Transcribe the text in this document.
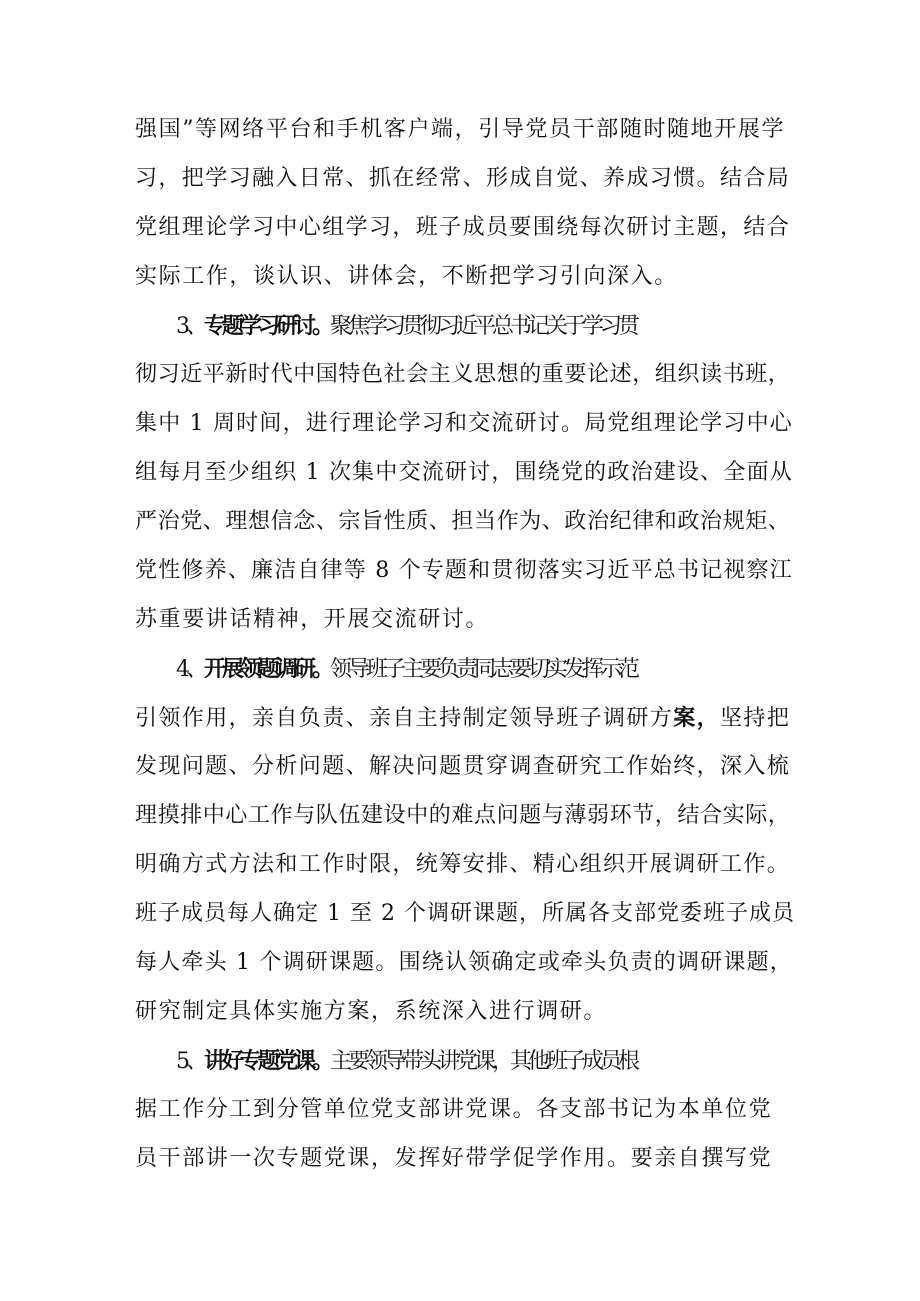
强国”等网络平台和手机客户端，引导党员干部随时随地开展学
习，把学习融入日常、抓在经常、形成自觉、养成习惯。结合局
党组理论学习中心组学习，班子成员要围绕每次研讨主题，结合
实际工作，谈认识、讲体会，不断把学习引向深入。
3、专题学习研讨。聚焦学习贯彻习近平总书记关于学习贯
彻习近平新时代中国特色社会主义思想的重要论述，组织读书班，
集中 1 周时间，进行理论学习和交流研讨。局党组理论学习中心
组每月至少组织 1 次集中交流研讨，围绕党的政治建设、全面从
严治党、理想信念、宗旨性质、担当作为、政治纪律和政治规矩、
党性修养、廉洁自律等 8 个专题和贯彻落实习近平总书记视察江
苏重要讲话精神，开展交流研讨。
4、开展领题调研。领导班子主要负责同志要切实发挥示范
引领作用，亲自负责、亲自主持制定领导班子调研方案，坚持把
发现问题、分析问题、解决问题贯穿调查研究工作始终，深入梳
理摸排中心工作与队伍建设中的难点问题与薄弱环节，结合实际，
明确方式方法和工作时限，统筹安排、精心组织开展调研工作。
班子成员每人确定 1 至 2 个调研课题，所属各支部党委班子成员
每人牵头 1 个调研课题。围绕认领确定或牵头负责的调研课题，
研究制定具体实施方案，系统深入进行调研。
5、讲好专题党课。主要领导带头讲党课，其他班子成员根
据工作分工到分管单位党支部讲党课。各支部书记为本单位党
员干部讲一次专题党课，发挥好带学促学作用。要亲自撰写党
